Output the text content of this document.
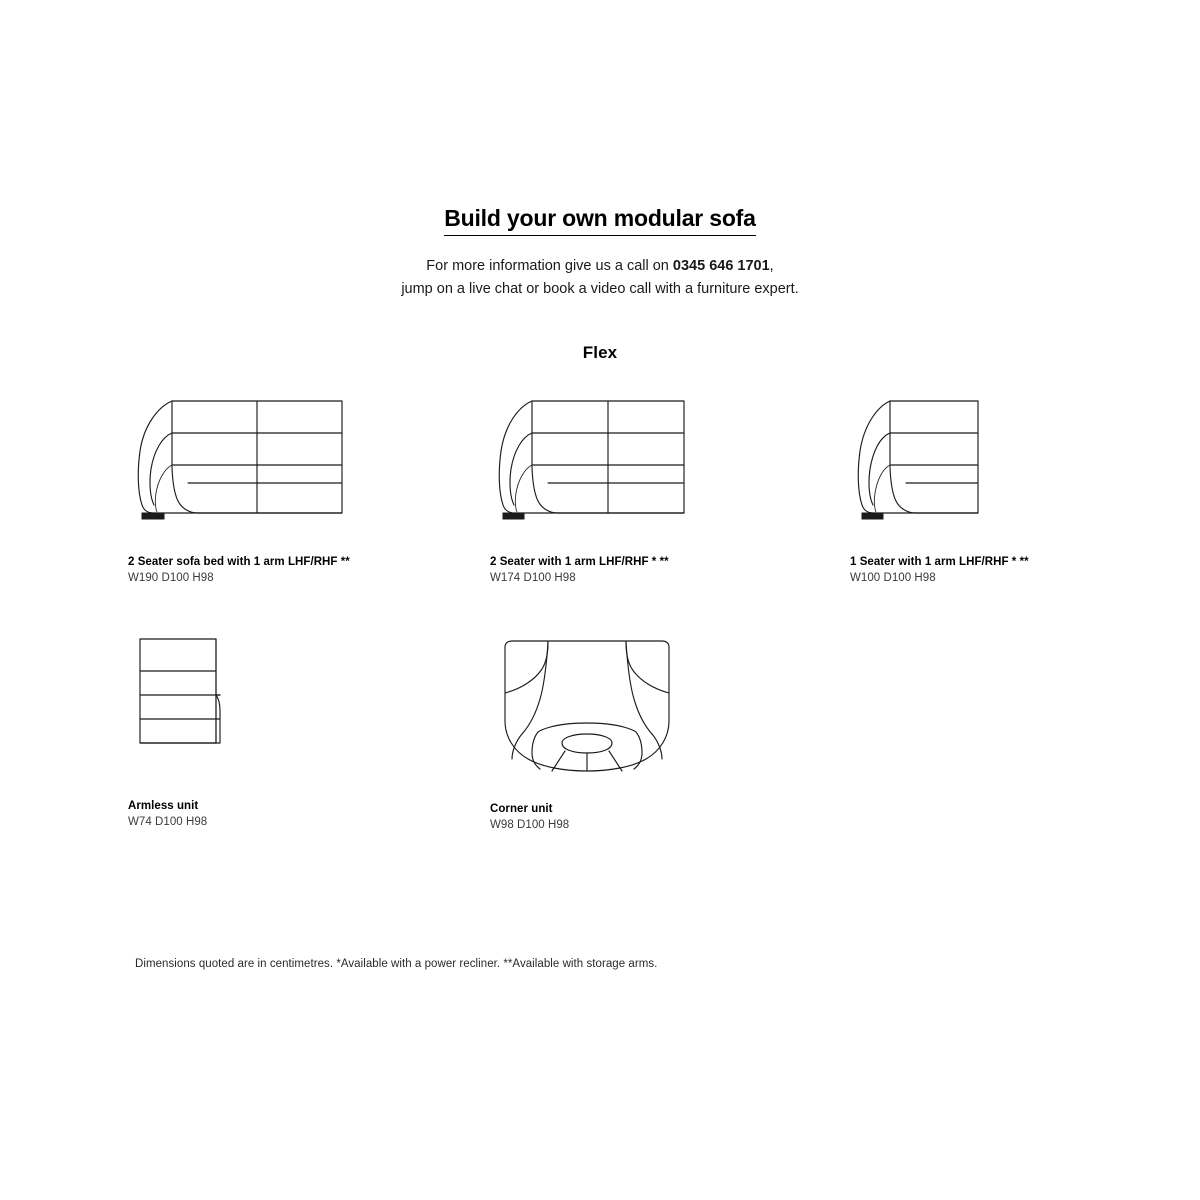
Build your own modular sofa
For more information give us a call on 0345 646 1701,
jump on a live chat or book a video call with a furniture expert.
Flex
2 Seater sofa bed with 1 arm LHF/RHF **
W190 D100 H98
2 Seater with 1 arm LHF/RHF * **
W174 D100 H98
1 Seater with 1 arm LHF/RHF * **
W100 D100 H98
Armless unit
W74 D100 H98
Corner unit
W98 D100 H98
Dimensions quoted are in centimetres. *Available with a power recliner. **Available with storage arms.
